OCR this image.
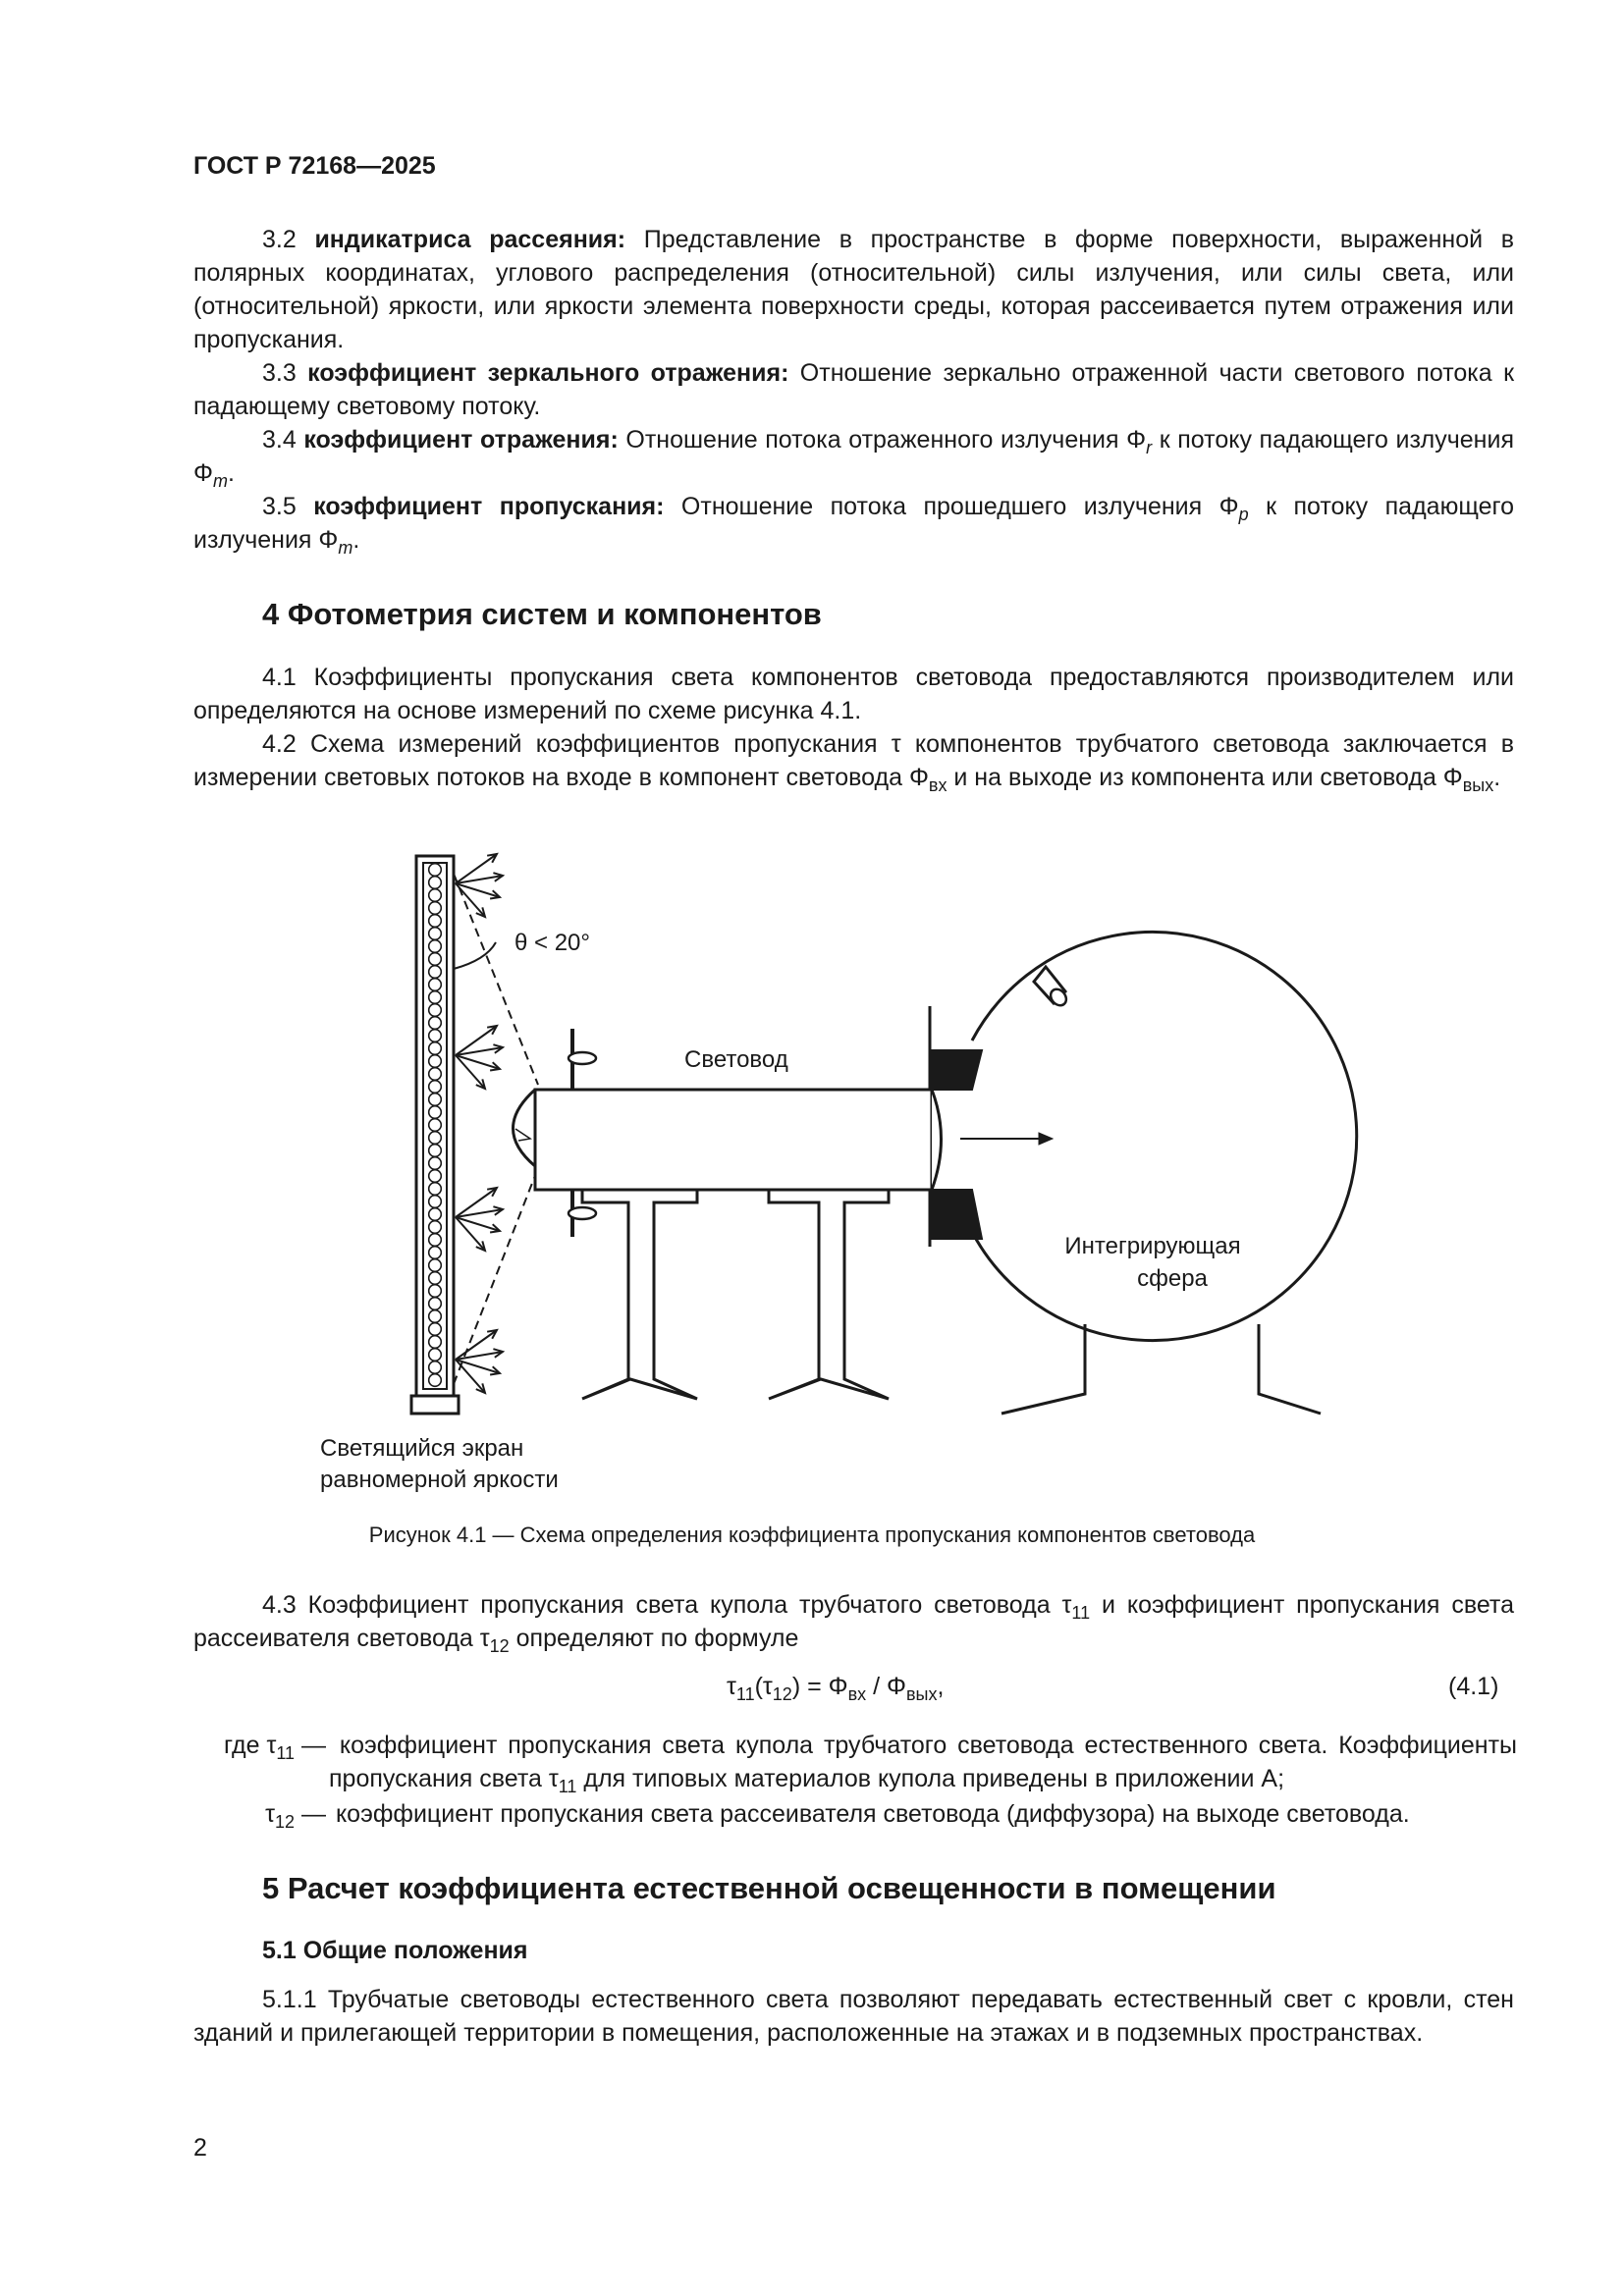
ГОСТ Р 72168—2025

3.2 индикатриса рассеяния: Представление в пространстве в форме поверхности, выраженной в полярных координатах, углового распределения (относительной) силы излучения, или силы света, или (относительной) яркости, или яркости элемента поверхности среды, которая рассеивается путем отражения или пропускания.

3.3 коэффициент зеркального отражения: Отношение зеркально отраженной части светового потока к падающему световому потоку.

3.4 коэффициент отражения: Отношение потока отраженного излучения $\Phi_r$ к потоку падающего излучения $\Phi_m$.

3.5 коэффициент пропускания: Отношение потока прошедшего излучения $\Phi_p$ к потоку падающего излучения $\Phi_m$.

4 Фотометрия систем и компонентов

4.1 Коэффициенты пропускания света компонентов световода предоставляются производителем или определяются на основе измерений по схеме рисунка 4.1.

4.2 Схема измерений коэффициентов пропускания τ компонентов трубчатого световода заключается в измерении световых потоков на входе в компонент световода $\Phi_{вх}$ и на выходе из компонента или световода $\Phi_{вых}$.

θ < 20°
Световод
Интегрирующая
сфера
Светящийся экран
равномерной яркости
Рисунок 4.1 — Схема определения коэффициента пропускания компонентов световода

4.3 Коэффициент пропускания света купола трубчатого световода $\tau_{11}$ и коэффициент пропускания света рассеивателя световода $\tau_{12}$ определяют по формуле

$\tau_{11}(\tau_{12}) = \Phi_{вх} / \Phi_{вых}$,	(4.1)
где $\tau_{11}$ — коэффициент пропускания света купола трубчатого световода естественного света. Коэффициенты пропускания света $\tau_{11}$ для типовых материалов купола приведены в приложении А;
$\tau_{12}$ — коэффициент пропускания света рассеивателя световода (диффузора) на выходе световода.
5 Расчет коэффициента естественной освещенности в помещении
5.1 Общие положения

5.1.1 Трубчатые световоды естественного света позволяют передавать естественный свет с кровли, стен зданий и прилегающей территории в помещения, расположенные на этажах и в подземных пространствах.

2
